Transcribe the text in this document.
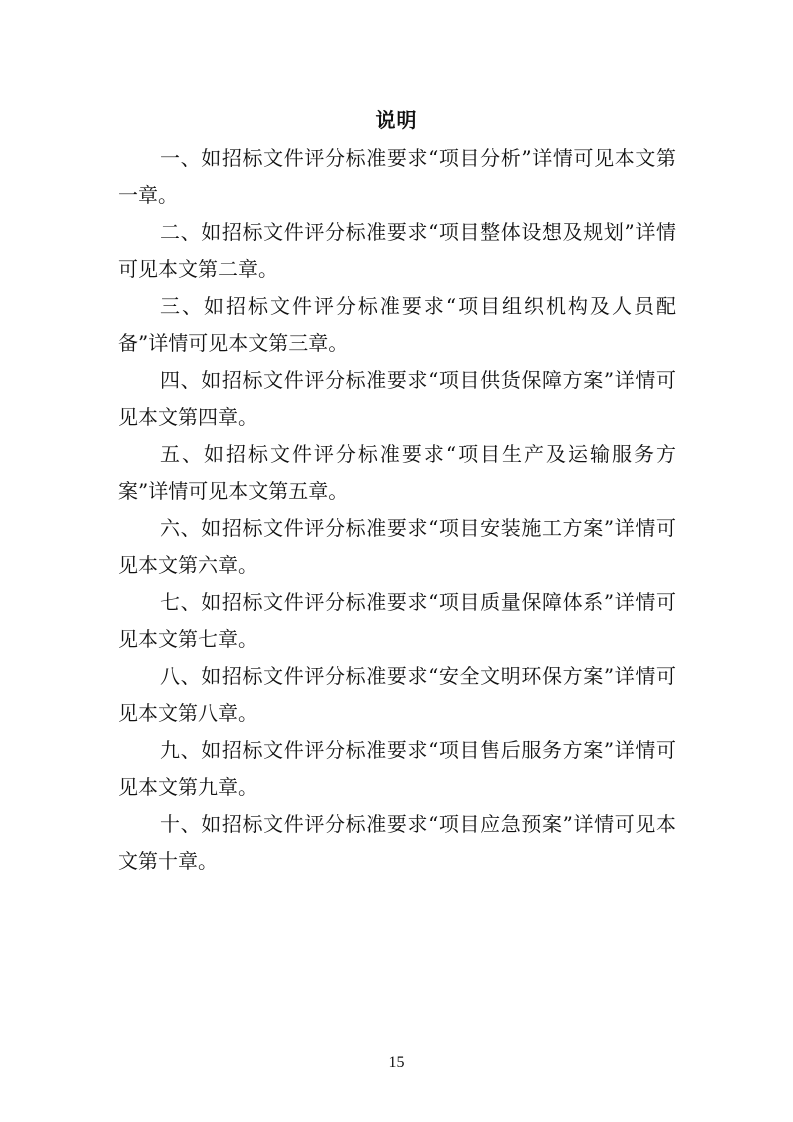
说明

一、如招标文件评分标准要求“项目分析”详情可见本文第一章。

二、如招标文件评分标准要求“项目整体设想及规划”详情可见本文第二章。

三、如招标文件评分标准要求“项目组织机构及人员配备”详情可见本文第三章。

四、如招标文件评分标准要求“项目供货保障方案”详情可见本文第四章。

五、如招标文件评分标准要求“项目生产及运输服务方案”详情可见本文第五章。

六、如招标文件评分标准要求“项目安装施工方案”详情可见本文第六章。

七、如招标文件评分标准要求“项目质量保障体系”详情可见本文第七章。

八、如招标文件评分标准要求“安全文明环保方案”详情可见本文第八章。

九、如招标文件评分标准要求“项目售后服务方案”详情可见本文第九章。

十、如招标文件评分标准要求“项目应急预案”详情可见本文第十章。

15
